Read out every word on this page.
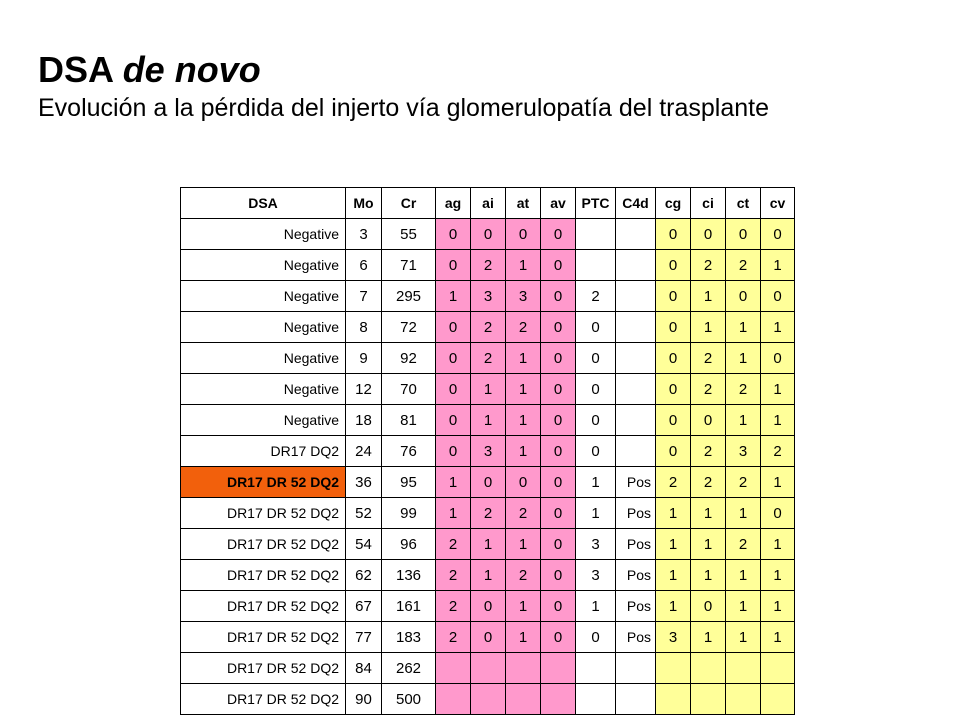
DSA de novo

Evolución a la pérdida del injerto vía glomerulopatía del trasplante

DSA	Mo	Cr	ag	ai	at	av	PTC	C4d	cg	ci	ct	cv
Negative	3	55	0	0	0	0			0	0	0	0
Negative	6	71	0	2	1	0			0	2	2	1
Negative	7	295	1	3	3	0	2		0	1	0	0
Negative	8	72	0	2	2	0	0		0	1	1	1
Negative	9	92	0	2	1	0	0		0	2	1	0
Negative	12	70	0	1	1	0	0		0	2	2	1
Negative	18	81	0	1	1	0	0		0	0	1	1
DR17 DQ2	24	76	0	3	1	0	0		0	2	3	2
DR17 DR 52 DQ2	36	95	1	0	0	0	1	Pos	2	2	2	1
DR17 DR 52 DQ2	52	99	1	2	2	0	1	Pos	1	1	1	0
DR17 DR 52 DQ2	54	96	2	1	1	0	3	Pos	1	1	2	1
DR17 DR 52 DQ2	62	136	2	1	2	0	3	Pos	1	1	1	1
DR17 DR 52 DQ2	67	161	2	0	1	0	1	Pos	1	0	1	1
DR17 DR 52 DQ2	77	183	2	0	1	0	0	Pos	3	1	1	1
DR17 DR 52 DQ2	84	262										
DR17 DR 52 DQ2	90	500										
